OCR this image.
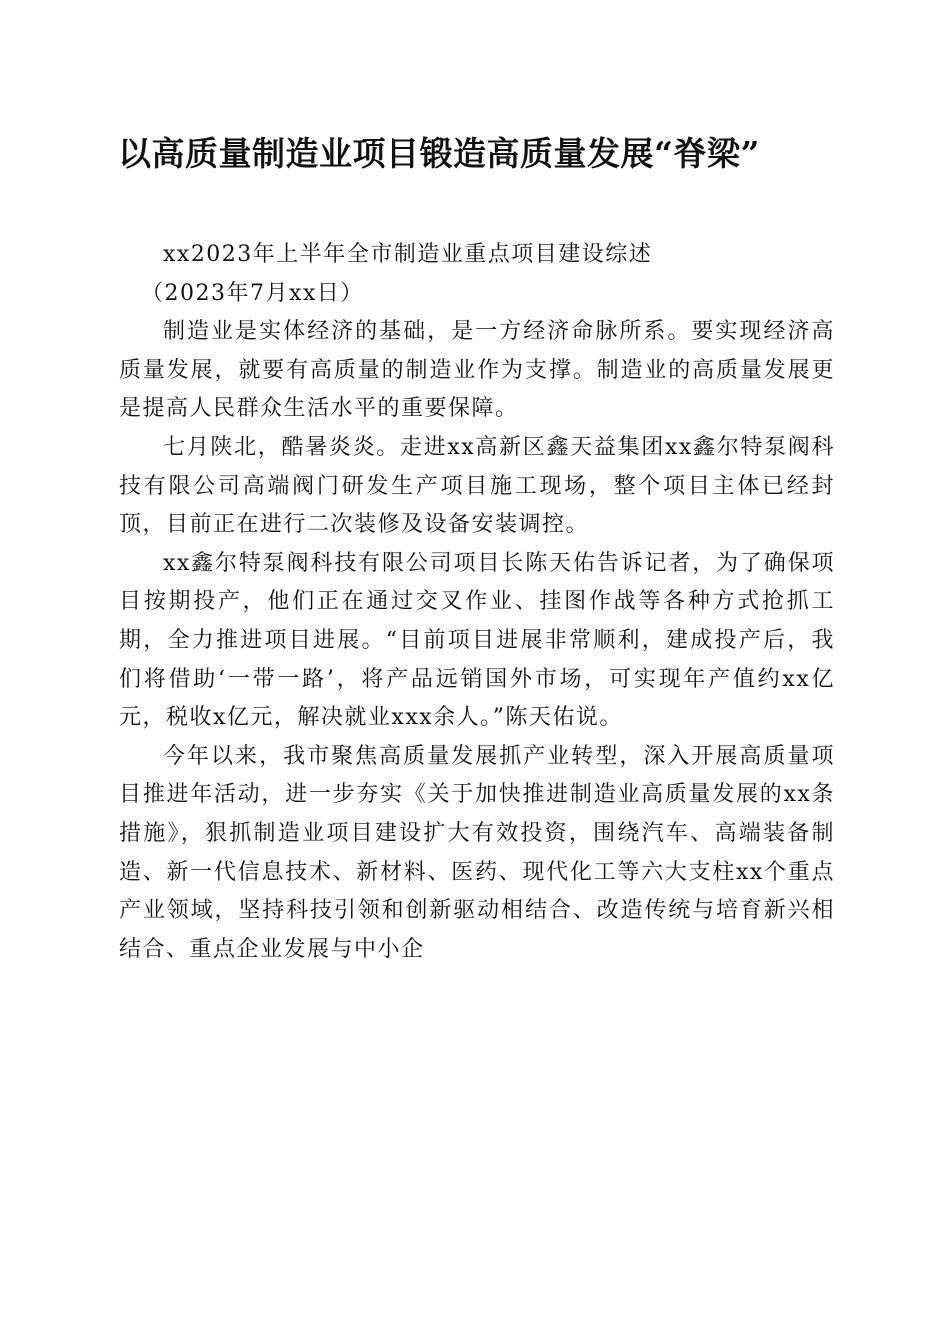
以高质量制造业项目锻造高质量发展“脊梁”

xx2023年上半年全市制造业重点项目建设综述

（2023年7月xx日）

制造业是实体经济的基础，是一方经济命脉所系。要实现经济高质量发展，就要有高质量的制造业作为支撑。制造业的高质量发展更是提高人民群众生活水平的重要保障。

七月陕北，酷暑炎炎。走进xx高新区鑫天益集团xx鑫尔特泵阀科技有限公司高端阀门研发生产项目施工现场，整个项目主体已经封顶，目前正在进行二次装修及设备安装调控。

xx鑫尔特泵阀科技有限公司项目长陈天佑告诉记者，为了确保项目按期投产，他们正在通过交叉作业、挂图作战等各种方式抢抓工期，全力推进项目进展。“目前项目进展非常顺利，建成投产后，我们将借助‘一带一路’，将产品远销国外市场，可实现年产值约xx亿元，税收x亿元，解决就业xxx余人。”陈天佑说。

今年以来，我市聚焦高质量发展抓产业转型，深入开展高质量项目推进年活动，进一步夯实《关于加快推进制造业高质量发展的xx条措施》，狠抓制造业项目建设扩大有效投资，围绕汽车、高端装备制造、新一代信息技术、新材料、医药、现代化工等六大支柱xx个重点产业领域，坚持科技引领和创新驱动相结合、改造传统与培育新兴相结合、重点企业发展与中小企
